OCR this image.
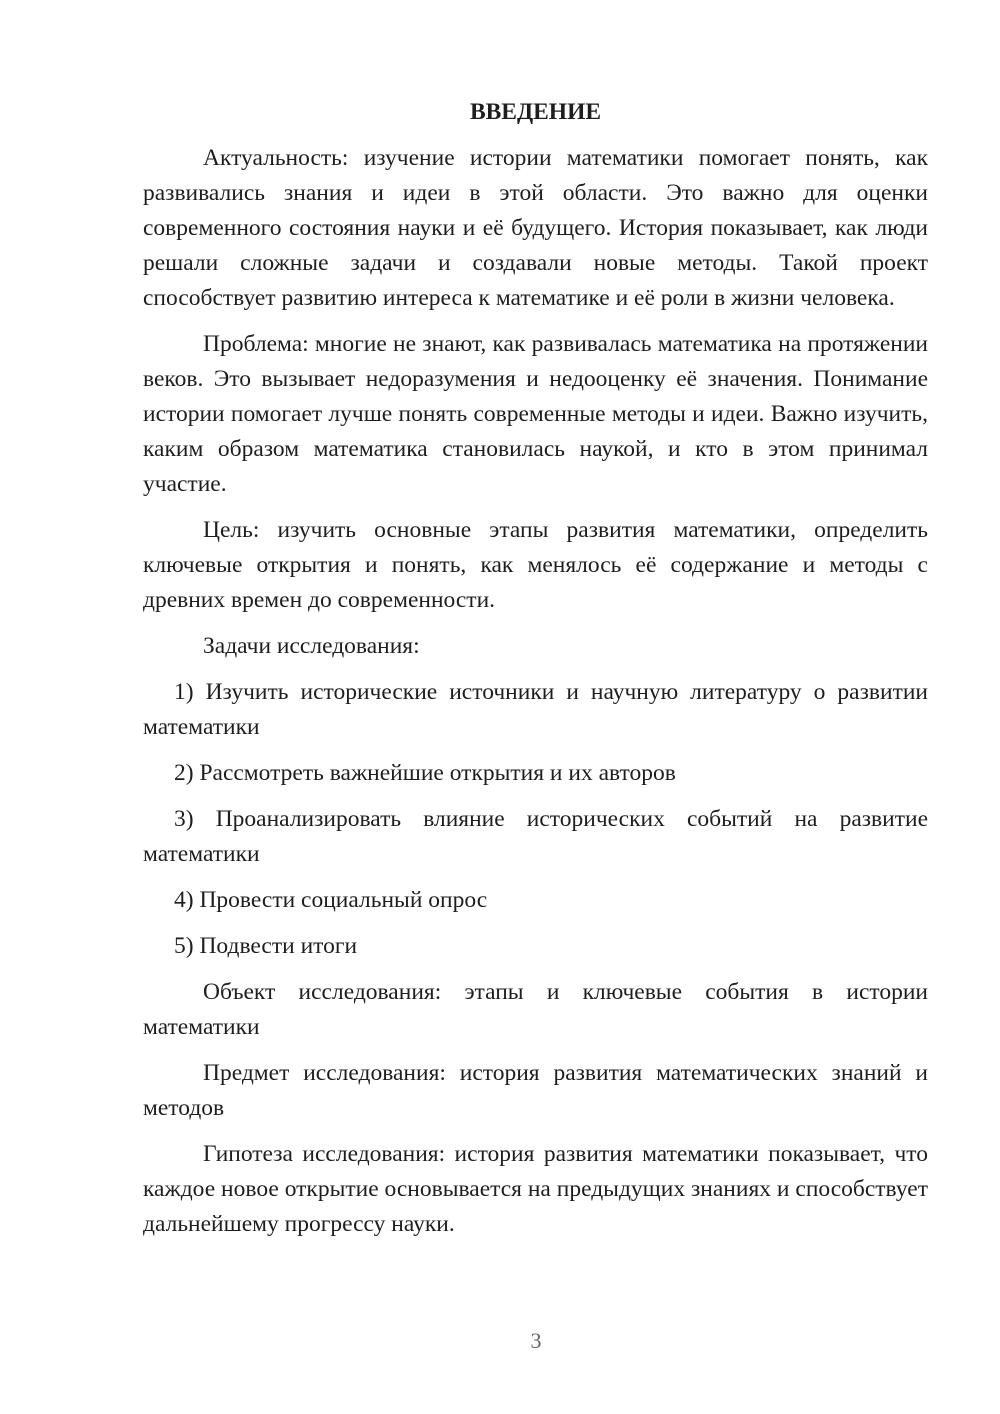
ВВЕДЕНИЕ

Актуальность: изучение истории математики помогает понять, как развивались знания и идеи в этой области. Это важно для оценки современного состояния науки и её будущего. История показывает, как люди решали сложные задачи и создавали новые методы. Такой проект способствует развитию интереса к математике и её роли в жизни человека.

Проблема: многие не знают, как развивалась математика на протяжении веков. Это вызывает недоразумения и недооценку её значения. Понимание истории помогает лучше понять современные методы и идеи. Важно изучить, каким образом математика становилась наукой, и кто в этом принимал участие.

Цель: изучить основные этапы развития математики, определить ключевые открытия и понять, как менялось её содержание и методы с древних времен до современности.

Задачи исследования:

1) Изучить исторические источники и научную литературу о развитии математики

2) Рассмотреть важнейшие открытия и их авторов

3) Проанализировать влияние исторических событий на развитие математики

4) Провести социальный опрос

5) Подвести итоги

Объект исследования: этапы и ключевые события в истории математики

Предмет исследования: история развития математических знаний и методов

Гипотеза исследования: история развития математики показывает, что каждое новое открытие основывается на предыдущих знаниях и способствует дальнейшему прогрессу науки.

3
